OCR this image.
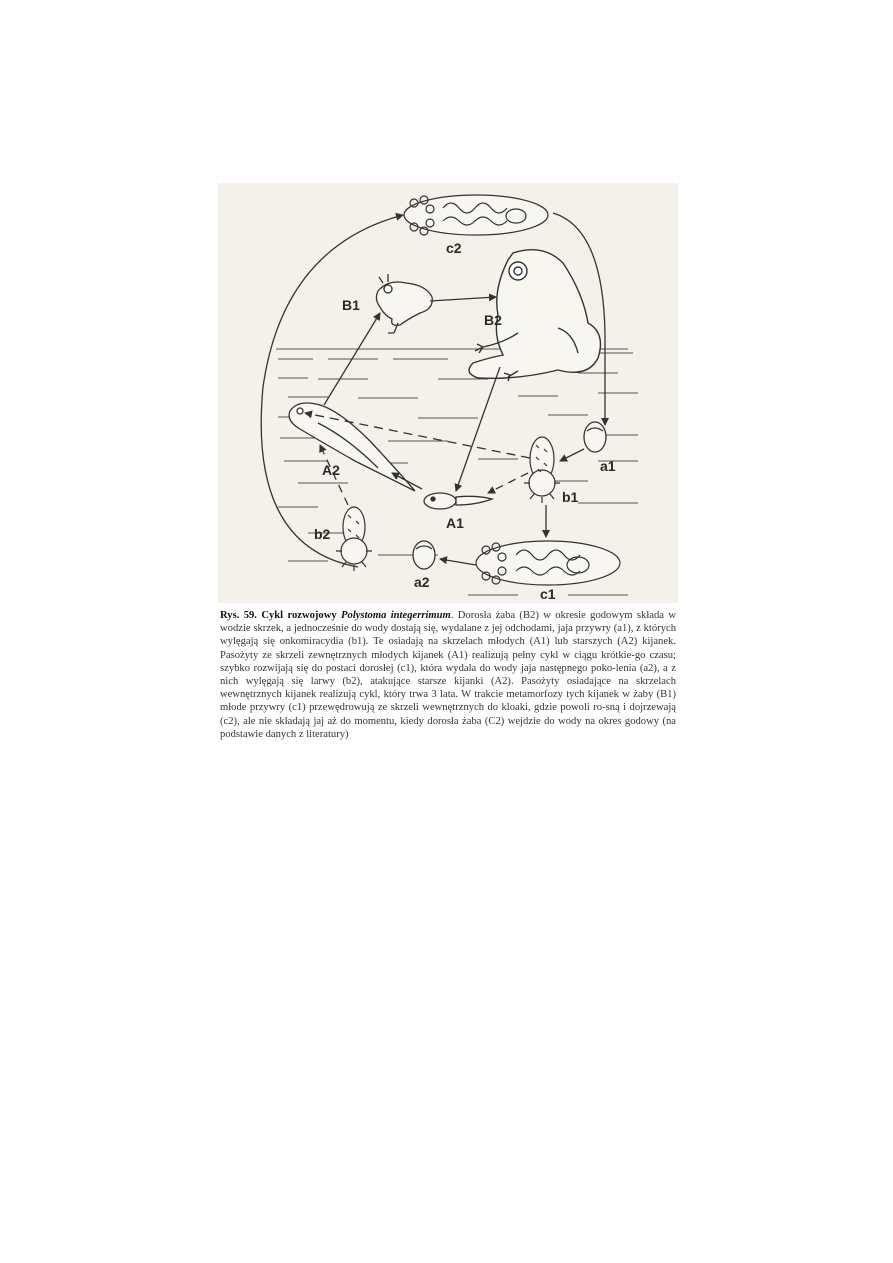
c2
B1
B2
a1
A2
b1
A1
b2
a2
c1

Rys. 59. Cykl rozwojowy Polystoma integerrimum. Dorosła żaba (B2) w okresie godowym składa w wodzie skrzek, a jednocześnie do wody dostają się, wydalane z jej odchodami, jaja przywry (a1), z których wylęgają się onkomiracydia (b1). Te osiadają na skrzelach młodych (A1) lub starszych (A2) kijanek. Pasożyty ze skrzeli zewnętrznych młodych kijanek (A1) realizują pełny cykl w ciągu krótkie-go czasu; szybko rozwijają się do postaci dorosłej (c1), która wydala do wody jaja następnego poko-lenia (a2), a z nich wylęgają się larwy (b2), atakujące starsze kijanki (A2). Pasożyty osiadające na skrzelach wewnętrznych kijanek realizują cykl, który trwa 3 lata. W trakcie metamorfozy tych kijanek w żaby (B1) młode przywry (c1) przewędrowują ze skrzeli wewnętrznych do kloaki, gdzie powoli ro-sną i dojrzewają (c2), ale nie składają jaj aż do momentu, kiedy dorosła żaba (C2) wejdzie do wody na okres godowy (na podstawie danych z literatury)
